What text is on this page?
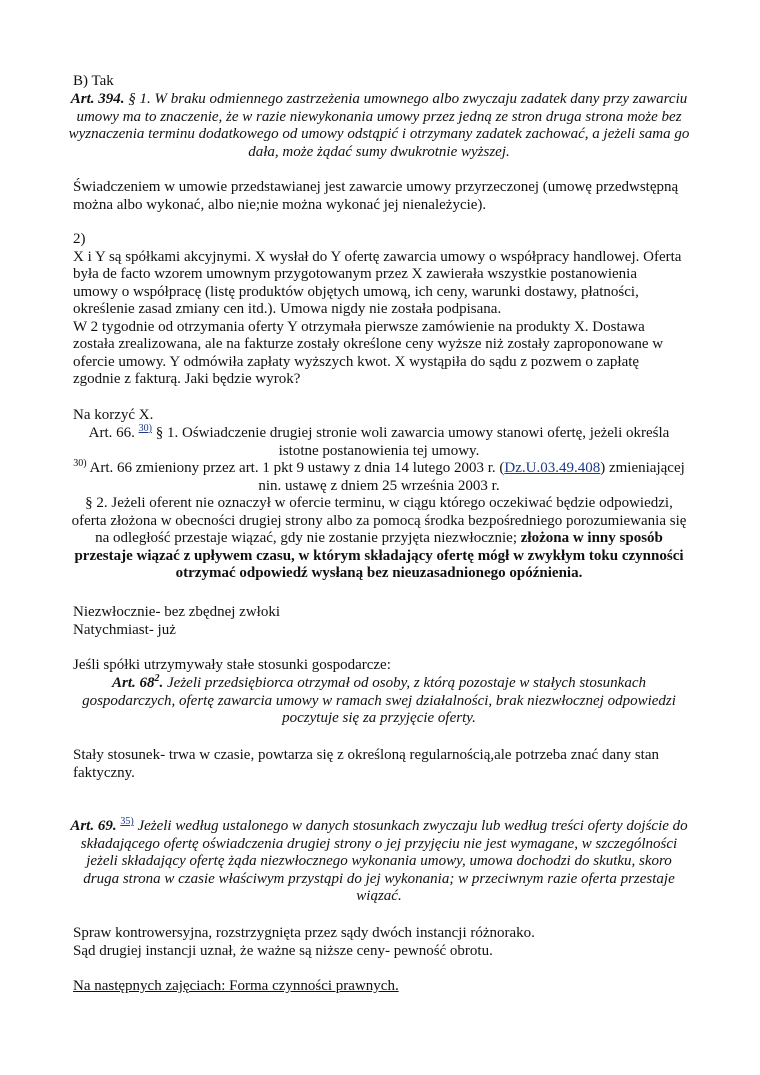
B) Tak

Art. 394. § 1. W braku odmiennego zastrzeżenia umownego albo zwyczaju zadatek dany przy zawarciu umowy ma to znaczenie, że w razie niewykonania umowy przez jedną ze stron druga strona może bez wyznaczenia terminu dodatkowego od umowy odstąpić i otrzymany zadatek zachować, a jeżeli sama go dała, może żądać sumy dwukrotnie wyższej.

Świadczeniem w umowie przedstawianej jest zawarcie umowy przyrzeczonej (umowę przedwstępną można albo wykonać, albo nie;nie można wykonać jej nienależycie).

2)

X i Y są spółkami akcyjnymi. X wysłał do Y ofertę zawarcia umowy o współpracy handlowej. Oferta była de facto wzorem umownym przygotowanym przez X zawierała wszystkie postanowienia umowy o współpracę (listę produktów objętych umową, ich ceny, warunki dostawy, płatności, określenie zasad zmiany cen itd.). Umowa nigdy nie została podpisana.

W 2 tygodnie od otrzymania oferty Y otrzymała pierwsze zamówienie na produkty X. Dostawa została zrealizowana, ale na fakturze zostały określone ceny wyższe niż zostały zaproponowane w ofercie umowy. Y odmówiła zapłaty wyższych kwot. X wystąpiła do sądu z pozwem o zapłatę zgodnie z fakturą. Jaki będzie wyrok?

Na korzyć X.

Art. 66. $^{30)}$ § 1. Oświadczenie drugiej stronie woli zawarcia umowy stanowi ofertę, jeżeli określa istotne postanowienia tej umowy.

$^{30)}$ Art. 66 zmieniony przez art. 1 pkt 9 ustawy z dnia 14 lutego 2003 r. (Dz.U.03.49.408) zmieniającej nin. ustawę z dniem 25 września 2003 r.

§ 2. Jeżeli oferent nie oznaczył w ofercie terminu, w ciągu którego oczekiwać będzie odpowiedzi, oferta złożona w obecności drugiej strony albo za pomocą środka bezpośredniego porozumiewania się na odległość przestaje wiązać, gdy nie zostanie przyjęta niezwłocznie; złożona w inny sposób przestaje wiązać z upływem czasu, w którym składający ofertę mógł w zwykłym toku czynności otrzymać odpowiedź wysłaną bez nieuzasadnionego opóźnienia.

Niezwłocznie- bez zbędnej zwłoki

Natychmiast- już

Jeśli spółki utrzymywały stałe stosunki gospodarcze:

Art. $68^2$. Jeżeli przedsiębiorca otrzymał od osoby, z którą pozostaje w stałych stosunkach gospodarczych, ofertę zawarcia umowy w ramach swej działalności, brak niezwłocznej odpowiedzi poczytuje się za przyjęcie oferty.

Stały stosunek- trwa w czasie, powtarza się z określoną regularnością,ale potrzeba znać dany stan faktyczny.

Art. 69. $^{35)}$ Jeżeli według ustalonego w danych stosunkach zwyczaju lub według treści oferty dojście do składającego ofertę oświadczenia drugiej strony o jej przyjęciu nie jest wymagane, w szczególności jeżeli składający ofertę żąda niezwłocznego wykonania umowy, umowa dochodzi do skutku, skoro druga strona w czasie właściwym przystąpi do jej wykonania; w przeciwnym razie oferta przestaje wiązać.

Spraw kontrowersyjna, rozstrzygnięta przez sądy dwóch instancji różnorako.

Sąd drugiej instancji uznał, że ważne są niższe ceny- pewność obrotu.

Na następnych zajęciach: Forma czynności prawnych.
